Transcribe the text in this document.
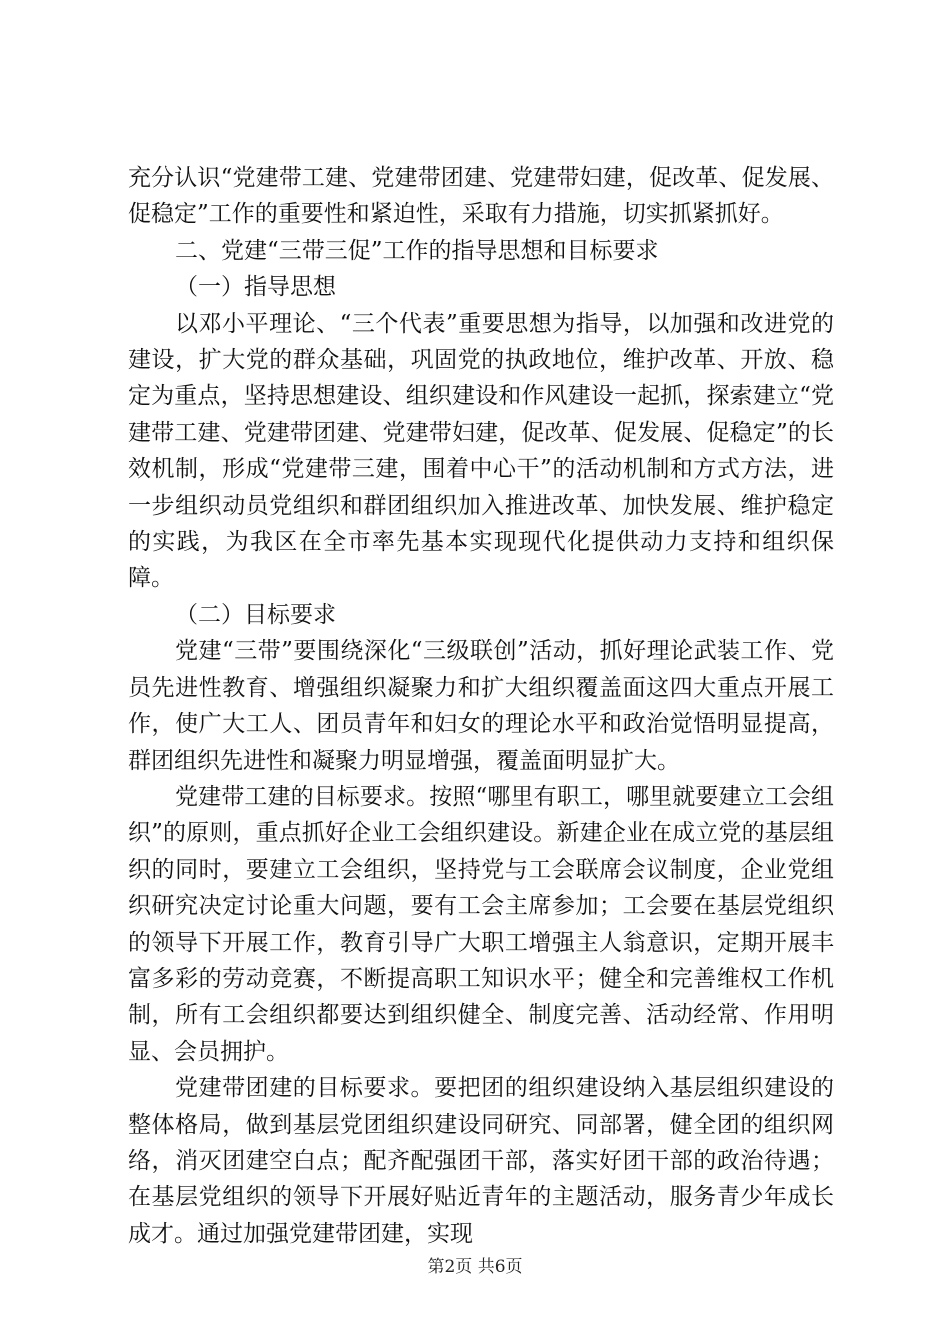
充分认识“党建带工建、党建带团建、党建带妇建，促改革、促发展、促稳定”工作的重要性和紧迫性，采取有力措施，切实抓紧抓好。

二、党建“三带三促”工作的指导思想和目标要求

（一）指导思想

以邓小平理论、“三个代表”重要思想为指导，以加强和改进党的建设，扩大党的群众基础，巩固党的执政地位，维护改革、开放、稳定为重点，坚持思想建设、组织建设和作风建设一起抓，探索建立“党建带工建、党建带团建、党建带妇建，促改革、促发展、促稳定”的长效机制，形成“党建带三建，围着中心干”的活动机制和方式方法，进一步组织动员党组织和群团组织加入推进改革、加快发展、维护稳定的实践，为我区在全市率先基本实现现代化提供动力支持和组织保障。

（二）目标要求

党建“三带”要围绕深化“三级联创”活动，抓好理论武装工作、党员先进性教育、增强组织凝聚力和扩大组织覆盖面这四大重点开展工作，使广大工人、团员青年和妇女的理论水平和政治觉悟明显提高，群团组织先进性和凝聚力明显增强，覆盖面明显扩大。

党建带工建的目标要求。按照“哪里有职工，哪里就要建立工会组织”的原则，重点抓好企业工会组织建设。新建企业在成立党的基层组织的同时，要建立工会组织，坚持党与工会联席会议制度，企业党组织研究决定讨论重大问题，要有工会主席参加；工会要在基层党组织的领导下开展工作，教育引导广大职工增强主人翁意识，定期开展丰富多彩的劳动竞赛，不断提高职工知识水平；健全和完善维权工作机制，所有工会组织都要达到组织健全、制度完善、活动经常、作用明显、会员拥护。

党建带团建的目标要求。要把团的组织建设纳入基层组织建设的整体格局，做到基层党团组织建设同研究、同部署，健全团的组织网络，消灭团建空白点；配齐配强团干部，落实好团干部的政治待遇；在基层党组织的领导下开展好贴近青年的主题活动，服务青少年成长成才。通过加强党建带团建，实现

第2页 共6页
